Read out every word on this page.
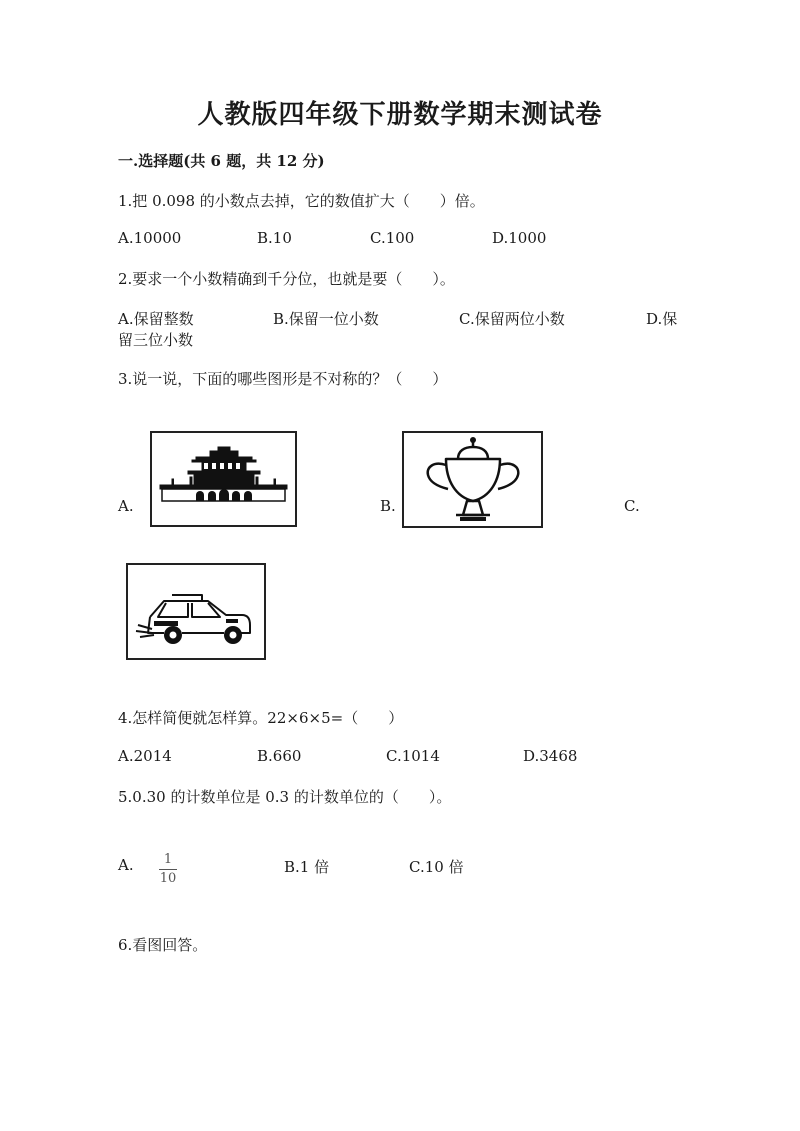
人教版四年级下册数学期末测试卷
一.选择题(共 6 题，共 12 分)
1.把 0.098 的小数点去掉，它的数值扩大（　　）倍。
A.10000	B.10	C.100	D.1000
2.要求一个小数精确到千分位，也就是要（　　）。
A.保留整数	B.保留一位小数	C.保留两位小数	D.保
留三位小数
3.说一说，下面的哪些图形是不对称的？（　　）
A.	B.	C.
4.怎样简便就怎样算。22×6×5=（　　）
A.2014	B.660	C.1014	D.3468
5.0.30 的计数单位是 0.3 的计数单位的（　　）。
A. $\frac{1}{10}$	B.1 倍	C.10 倍
6.看图回答。
